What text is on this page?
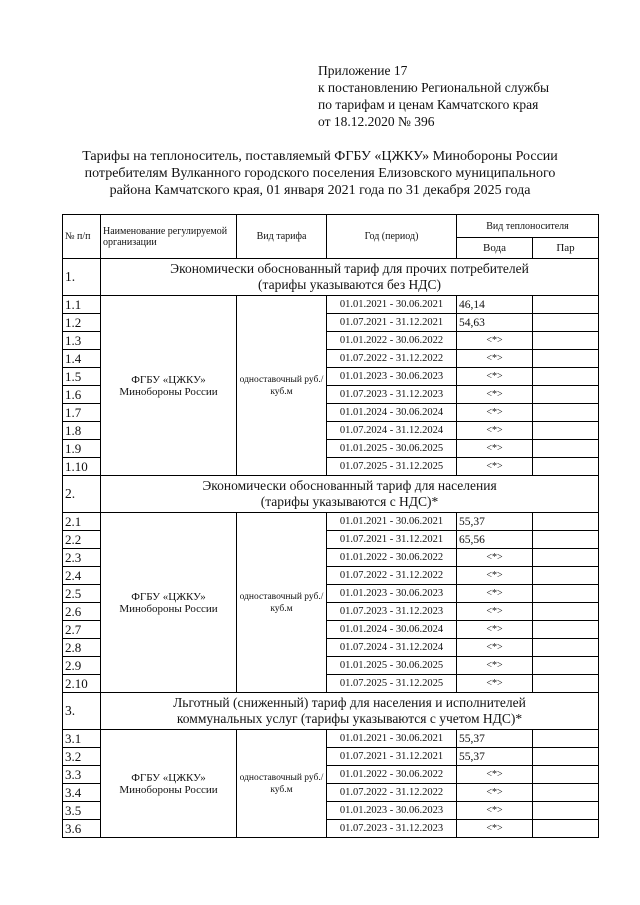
Приложение 17
к постановлению Региональной службы
по тарифам и ценам Камчатского края
от 18.12.2020 № 396
Тарифы на теплоноситель, поставляемый ФГБУ «ЦЖКУ» Минобороны России
потребителям Вулканного городского поселения Елизовского муниципального
района Камчатского края, 01 января 2021 года по 31 декабря 2025 года
№ п/п	Наименование регулируемой организации	Вид тарифа	Год (период)	Вид теплоносителя	
				Вода	Пар
1.	Экономически обоснованный тариф для прочих потребителей
(тарифы указываются без НДС)				

1.1	ФГБУ «ЦЖКУ» Минобороны России	одноставочный руб./куб.м	01.01.2021 - 30.06.2021	46,14	
1.2			01.07.2021 - 31.12.2021	54,63	
1.3			01.01.2022 - 30.06.2022	<*>	
1.4			01.07.2022 - 31.12.2022	<*>	
1.5			01.01.2023 - 30.06.2023	<*>	
1.6			01.07.2023 - 31.12.2023	<*>	
1.7			01.01.2024 - 30.06.2024	<*>	
1.8			01.07.2024 - 31.12.2024	<*>	
1.9			01.01.2025 - 30.06.2025	<*>	
1.10			01.07.2025 - 31.12.2025	<*>	
2.	Экономически обоснованный тариф для населения
(тарифы указываются с НДС)*				

2.1	ФГБУ «ЦЖКУ» Минобороны России	одноставочный руб./куб.м	01.01.2021 - 30.06.2021	55,37	
2.2			01.07.2021 - 31.12.2021	65,56	
2.3			01.01.2022 - 30.06.2022	<*>	
2.4			01.07.2022 - 31.12.2022	<*>	
2.5			01.01.2023 - 30.06.2023	<*>	
2.6			01.07.2023 - 31.12.2023	<*>	
2.7			01.01.2024 - 30.06.2024	<*>	
2.8			01.07.2024 - 31.12.2024	<*>	
2.9			01.01.2025 - 30.06.2025	<*>	
2.10			01.07.2025 - 31.12.2025	<*>	
3.	Льготный (сниженный) тариф для населения и исполнителей
коммунальных услуг (тарифы указываются с учетом НДС)*				

3.1	ФГБУ «ЦЖКУ» Минобороны России	одноставочный руб./куб.м	01.01.2021 - 30.06.2021	55,37	
3.2			01.07.2021 - 31.12.2021	55,37	
3.3			01.01.2022 - 30.06.2022	<*>	
3.4			01.07.2022 - 31.12.2022	<*>	
3.5			01.01.2023 - 30.06.2023	<*>	
3.6			01.07.2023 - 31.12.2023	<*>	
